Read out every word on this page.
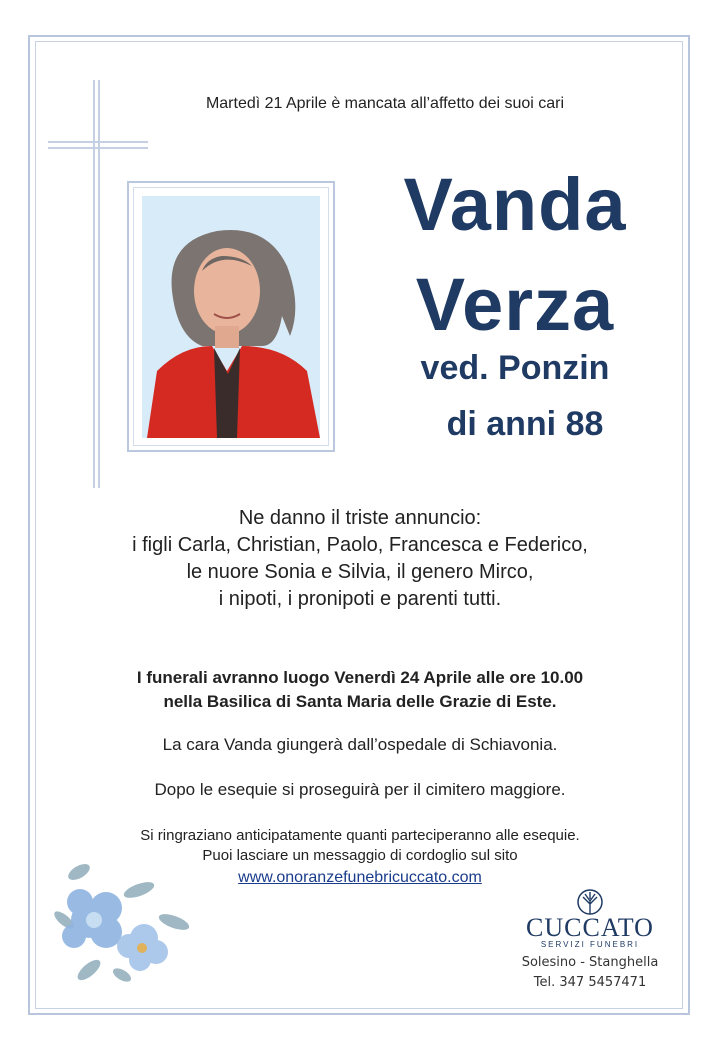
Martedì 21 Aprile è mancata all’affetto dei suoi cari
Vanda
Verza
ved. Ponzin
di anni 88
Ne danno il triste annuncio:
i figli Carla, Christian, Paolo, Francesca e Federico,
le nuore Sonia e Silvia, il genero Mirco,
i nipoti, i pronipoti e parenti tutti.
I funerali avranno luogo Venerdì 24 Aprile alle ore 10.00
nella Basilica di Santa Maria delle Grazie di Este.
La cara Vanda giungerà dall’ospedale di Schiavonia.
Dopo le esequie si proseguirà per il cimitero maggiore.
Si ringraziano anticipatamente quanti parteciperanno alle esequie.
Puoi lasciare un messaggio di cordoglio sul sito
www.onoranzefunebricuccato.com
CUCCATO
SERVIZI FUNEBRI
Solesino - Stanghella
Tel. 347 5457471
